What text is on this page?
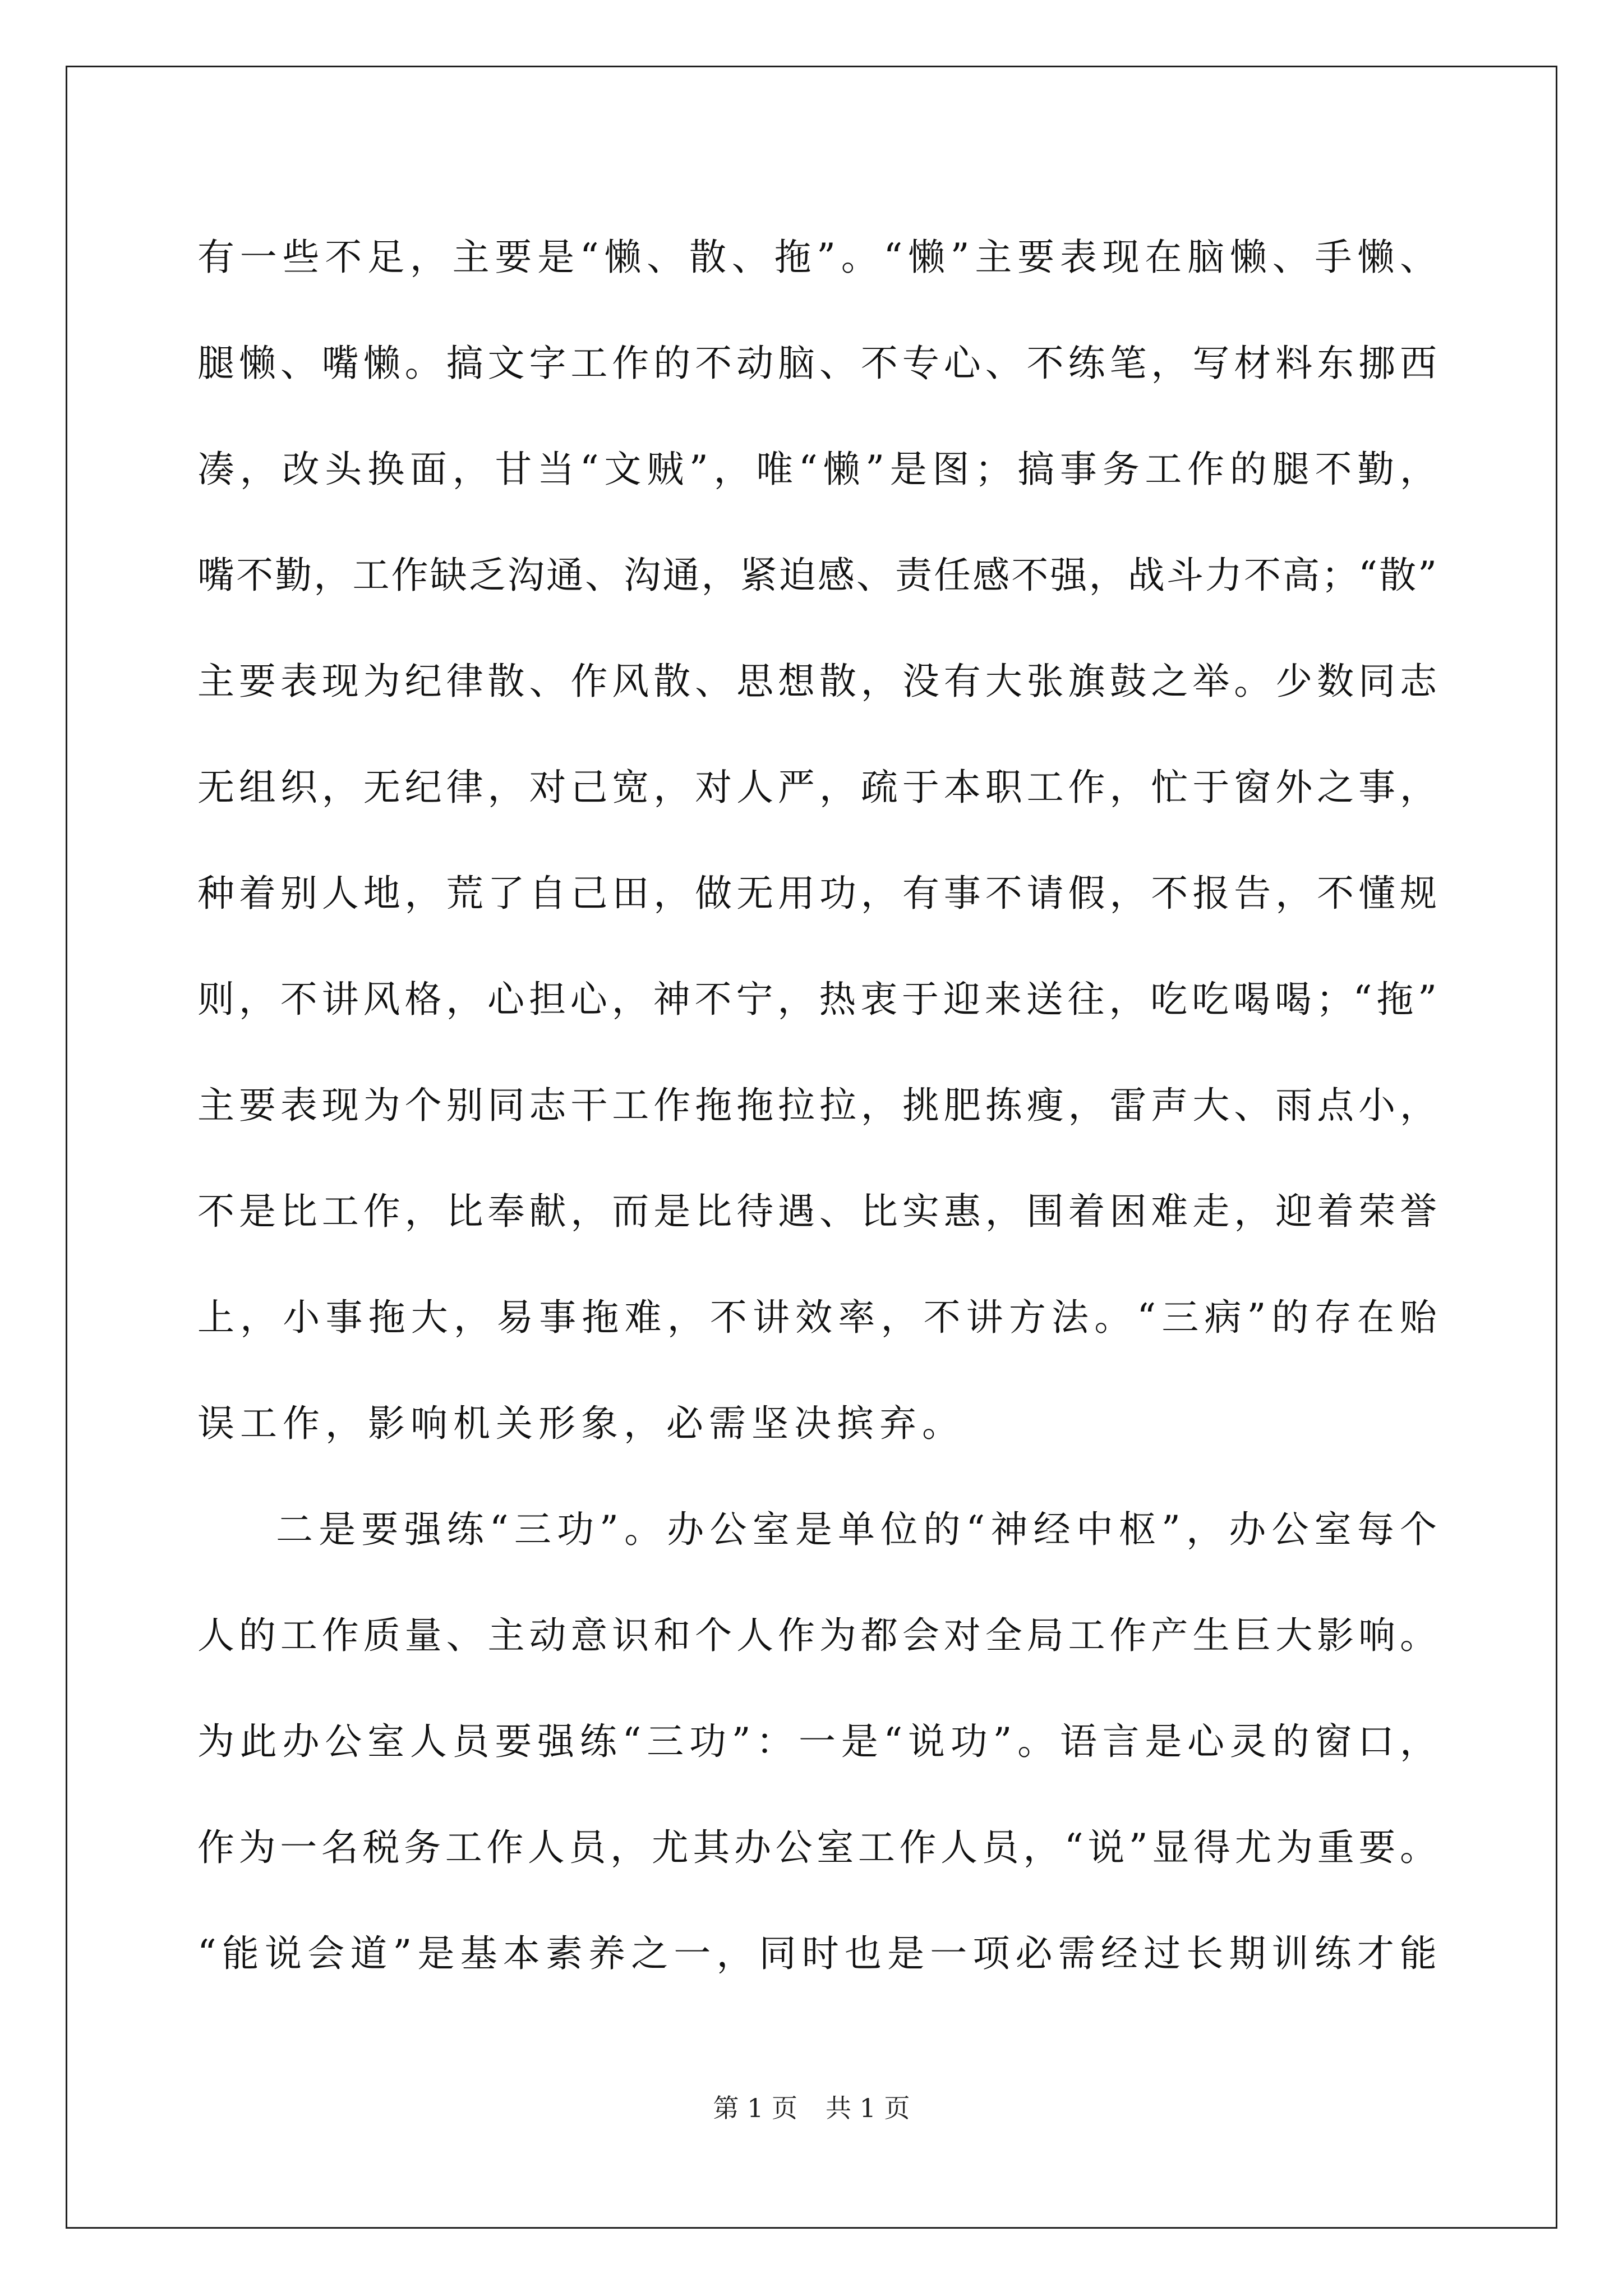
有一些不足，主要是“懒、散、拖”。“懒”主要表现在脑懒、手懒、
腿懒、嘴懒。搞文字工作的不动脑、不专心、不练笔，写材料东挪西
凑，改头换面，甘当“文贼”，唯“懒”是图；搞事务工作的腿不勤，
嘴不勤，工作缺乏沟通、沟通，紧迫感、责任感不强，战斗力不高；“散”
主要表现为纪律散、作风散、思想散，没有大张旗鼓之举。少数同志
无组织，无纪律，对己宽，对人严，疏于本职工作，忙于窗外之事，
种着别人地，荒了自己田，做无用功，有事不请假，不报告，不懂规
则，不讲风格，心担心，神不宁，热衷于迎来送往，吃吃喝喝；“拖”
主要表现为个别同志干工作拖拖拉拉，挑肥拣瘦，雷声大、雨点小，
不是比工作，比奉献，而是比待遇、比实惠，围着困难走，迎着荣誉
上，小事拖大，易事拖难，不讲效率，不讲方法。“三病”的存在贻
误工作，影响机关形象，必需坚决摈弃。
二是要强练“三功”。办公室是单位的“神经中枢”，办公室每个
人的工作质量、主动意识和个人作为都会对全局工作产生巨大影响。
为此办公室人员要强练“三功”：一是“说功”。语言是心灵的窗口，
作为一名税务工作人员，尤其办公室工作人员，“说”显得尤为重要。
“能说会道”是基本素养之一，同时也是一项必需经过长期训练才能
第 1 页 共 1 页
